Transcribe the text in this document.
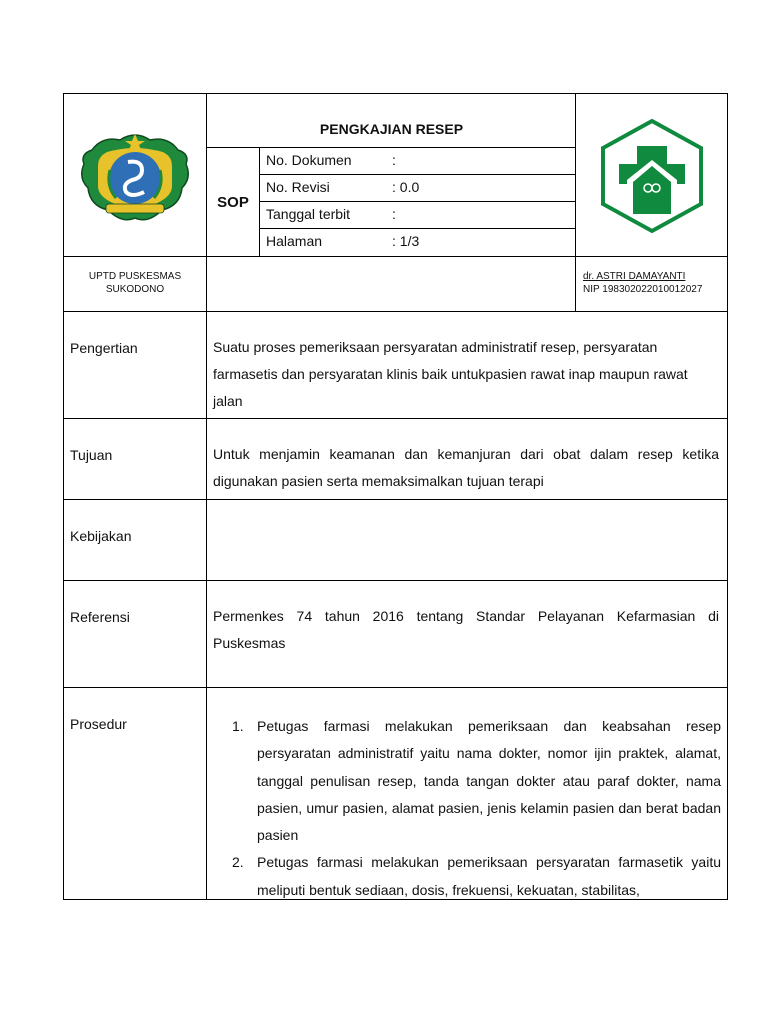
PENGKAJIAN RESEP
SOP
No. Dokumen	:
No. Revisi	: 0.0
Tanggal terbit	:
Halaman	: 1/3
UPTD PUSKESMAS
SUKODONO
dr. ASTRI DAMAYANTI
NIP 198302022010012027
Pengertian	Suatu proses pemeriksaan persyaratan administratif resep, persyaratan farmasetis dan persyaratan klinis baik untukpasien rawat inap maupun rawat jalan
Tujuan	Untuk menjamin keamanan dan kemanjuran dari obat dalam resep ketika digunakan pasien serta memaksimalkan tujuan terapi
Kebijakan
Referensi	Permenkes 74 tahun 2016 tentang Standar Pelayanan Kefarmasian di Puskesmas
Prosedur	1. Petugas farmasi melakukan pemeriksaan dan keabsahan resep persyaratan administratif yaitu nama dokter, nomor ijin praktek, alamat, tanggal penulisan resep, tanda tangan dokter atau paraf dokter, nama pasien, umur pasien, alamat pasien, jenis kelamin pasien dan berat badan pasien
2. Petugas farmasi melakukan pemeriksaan persyaratan farmasetik yaitu meliputi bentuk sediaan, dosis, frekuensi, kekuatan, stabilitas,
